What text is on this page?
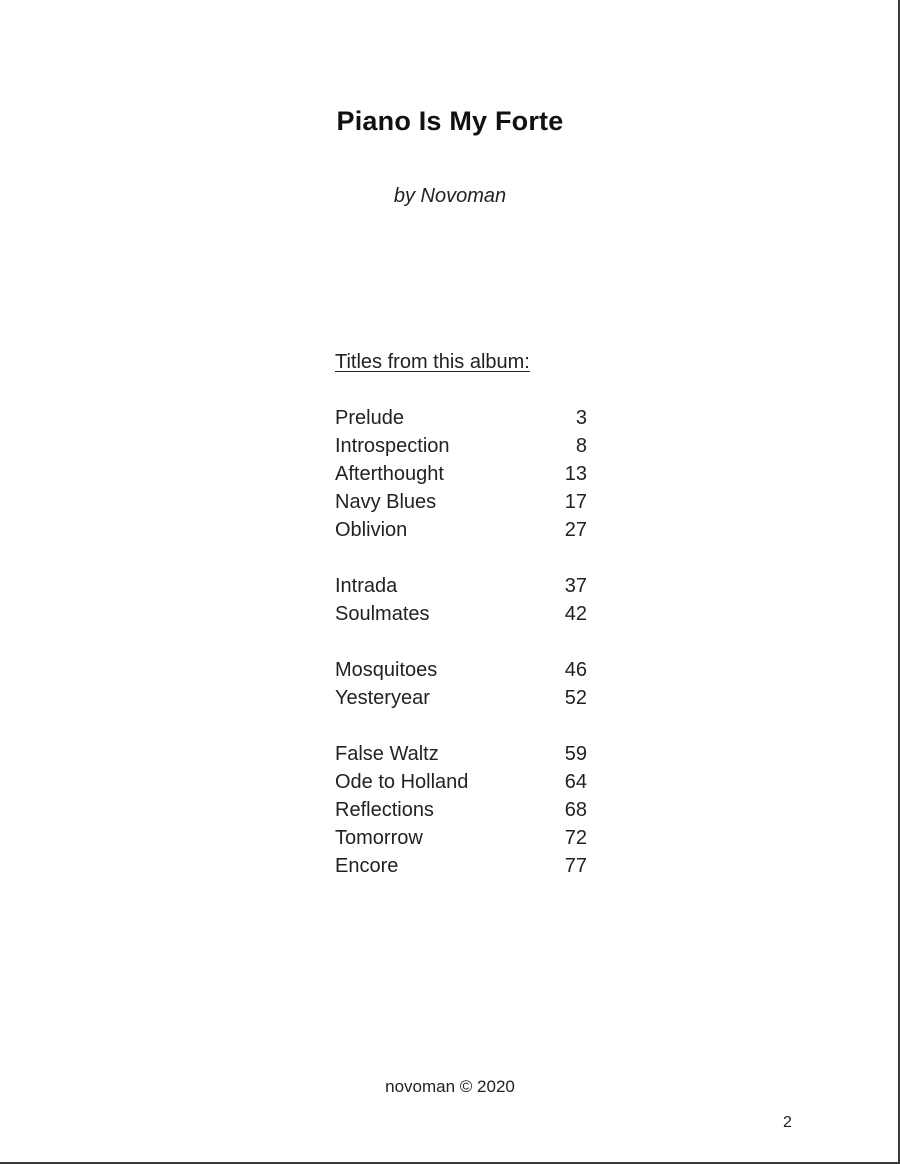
Piano Is My Forte
by Novoman
Titles from this album:
Prelude	3
Introspection	8
Afterthought	13
Navy Blues	17
Oblivion	27
Intrada	37
Soulmates	42
Mosquitoes	46
Yesteryear	52
False Waltz	59
Ode to Holland	64
Reflections	68
Tomorrow	72
Encore	77
novoman © 2020
2
